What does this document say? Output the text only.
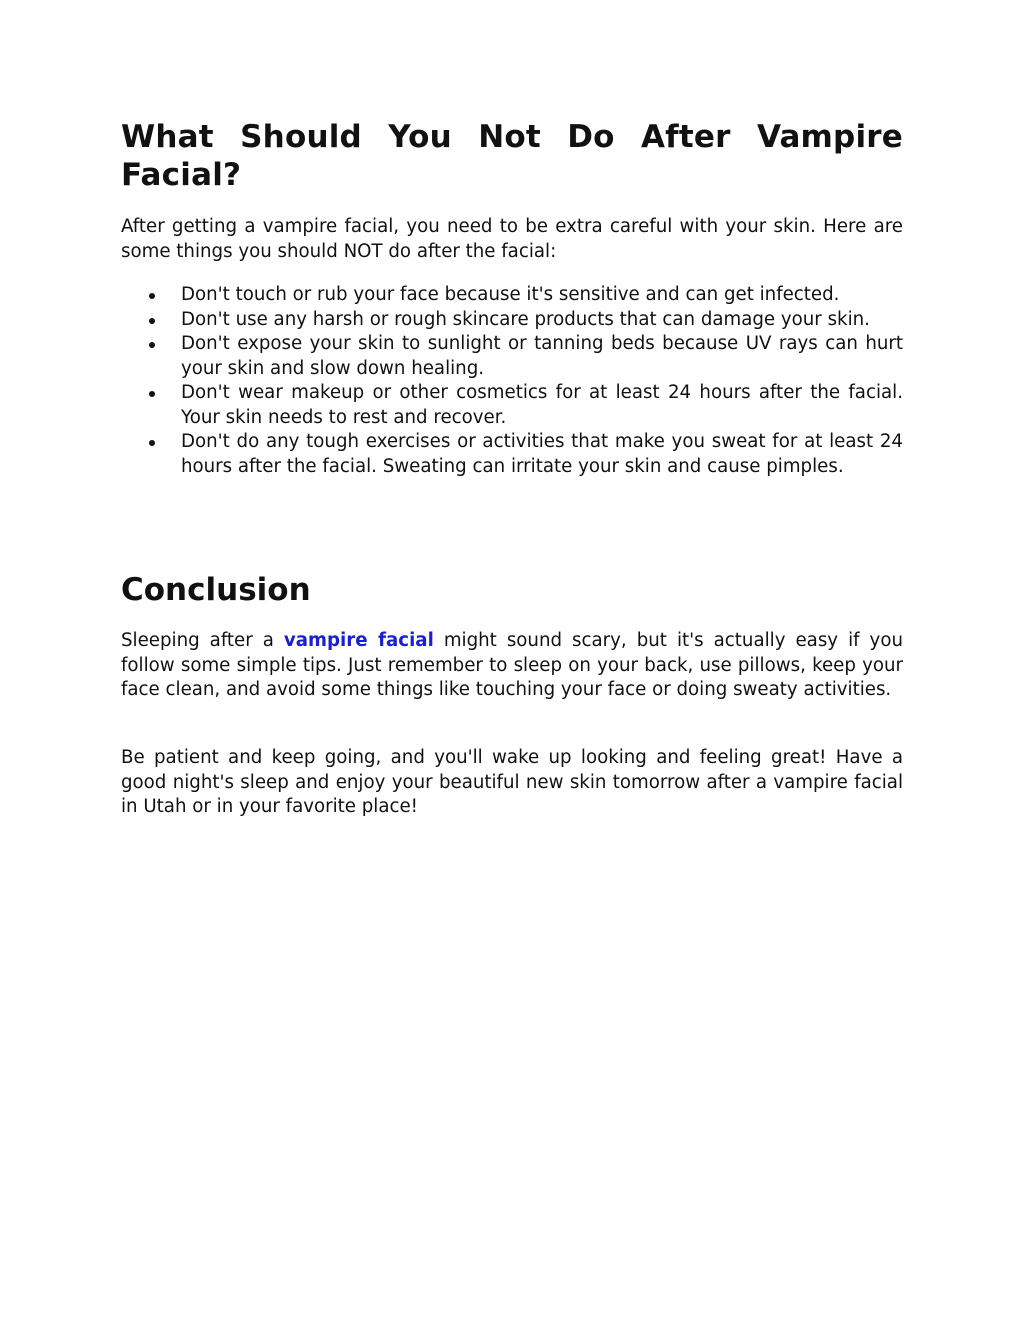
What Should You Not Do After Vampire Facial?

After getting a vampire facial, you need to be extra careful with your skin. Here are some things you should NOT do after the facial:

Don't touch or rub your face because it's sensitive and can get infected.
Don't use any harsh or rough skincare products that can damage your skin.
Don't expose your skin to sunlight or tanning beds because UV rays can hurt your skin and slow down healing.
Don't wear makeup or other cosmetics for at least 24 hours after the facial. Your skin needs to rest and recover.
Don't do any tough exercises or activities that make you sweat for at least 24 hours after the facial. Sweating can irritate your skin and cause pimples.
Conclusion

Sleeping after a vampire facial might sound scary, but it's actually easy if you follow some simple tips. Just remember to sleep on your back, use pillows, keep your face clean, and avoid some things like touching your face or doing sweaty activities.

Be patient and keep going, and you'll wake up looking and feeling great! Have a good night's sleep and enjoy your beautiful new skin tomorrow after a vampire facial in Utah or in your favorite place!
